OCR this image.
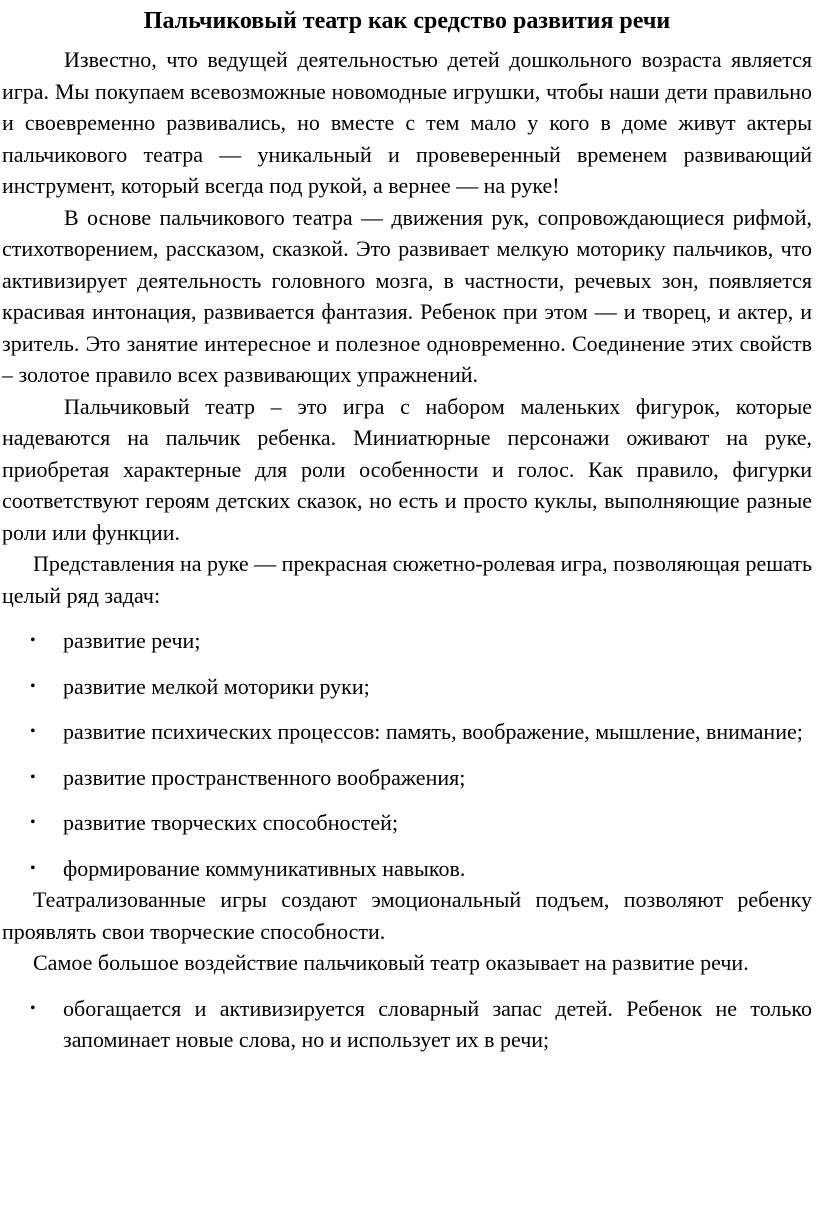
Пальчиковый театр как средство развития речи

Известно, что ведущей деятельностью детей дошкольного возраста является игра. Мы покупаем всевозможные новомодные игрушки, чтобы наши дети правильно и своевременно развивались, но вместе с тем мало у кого в доме живут актеры пальчикового театра — уникальный и провеверенный временем развивающий инструмент, который всегда под рукой, а вернее — на руке!

В основе пальчикового театра — движения рук, сопровождающиеся рифмой, стихотворением, рассказом, сказкой. Это развивает мелкую моторику пальчиков, что активизирует деятельность головного мозга, в частности, речевых зон, появляется красивая интонация, развивается фантазия. Ребенок при этом — и творец, и актер, и зритель. Это занятие интересное и полезное одновременно. Соединение этих свойств – золотое правило всех развивающих упражнений.

Пальчиковый театр – это игра с набором маленьких фигурок, которые надеваются на пальчик ребенка. Миниатюрные персонажи оживают на руке, приобретая характерные для роли особенности и голос. Как правило, фигурки соответствуют героям детских сказок, но есть и просто куклы, выполняющие разные роли или функции.

Представления на руке — прекрасная сюжетно-ролевая игра, позволяющая решать целый ряд задач:

• развитие речи;
• развитие мелкой моторики руки;
• развитие психических процессов: память, воображение, мышление, внимание;
• развитие пространственного воображения;
• развитие творческих способностей;
• формирование коммуникативных навыков.

Театрализованные игры создают эмоциональный подъем, позволяют ребенку проявлять свои творческие способности.

Самое большое воздействие пальчиковый театр оказывает на развитие речи.

• обогащается и активизируется словарный запас детей. Ребенок не только запоминает новые слова, но и использует их в речи;
